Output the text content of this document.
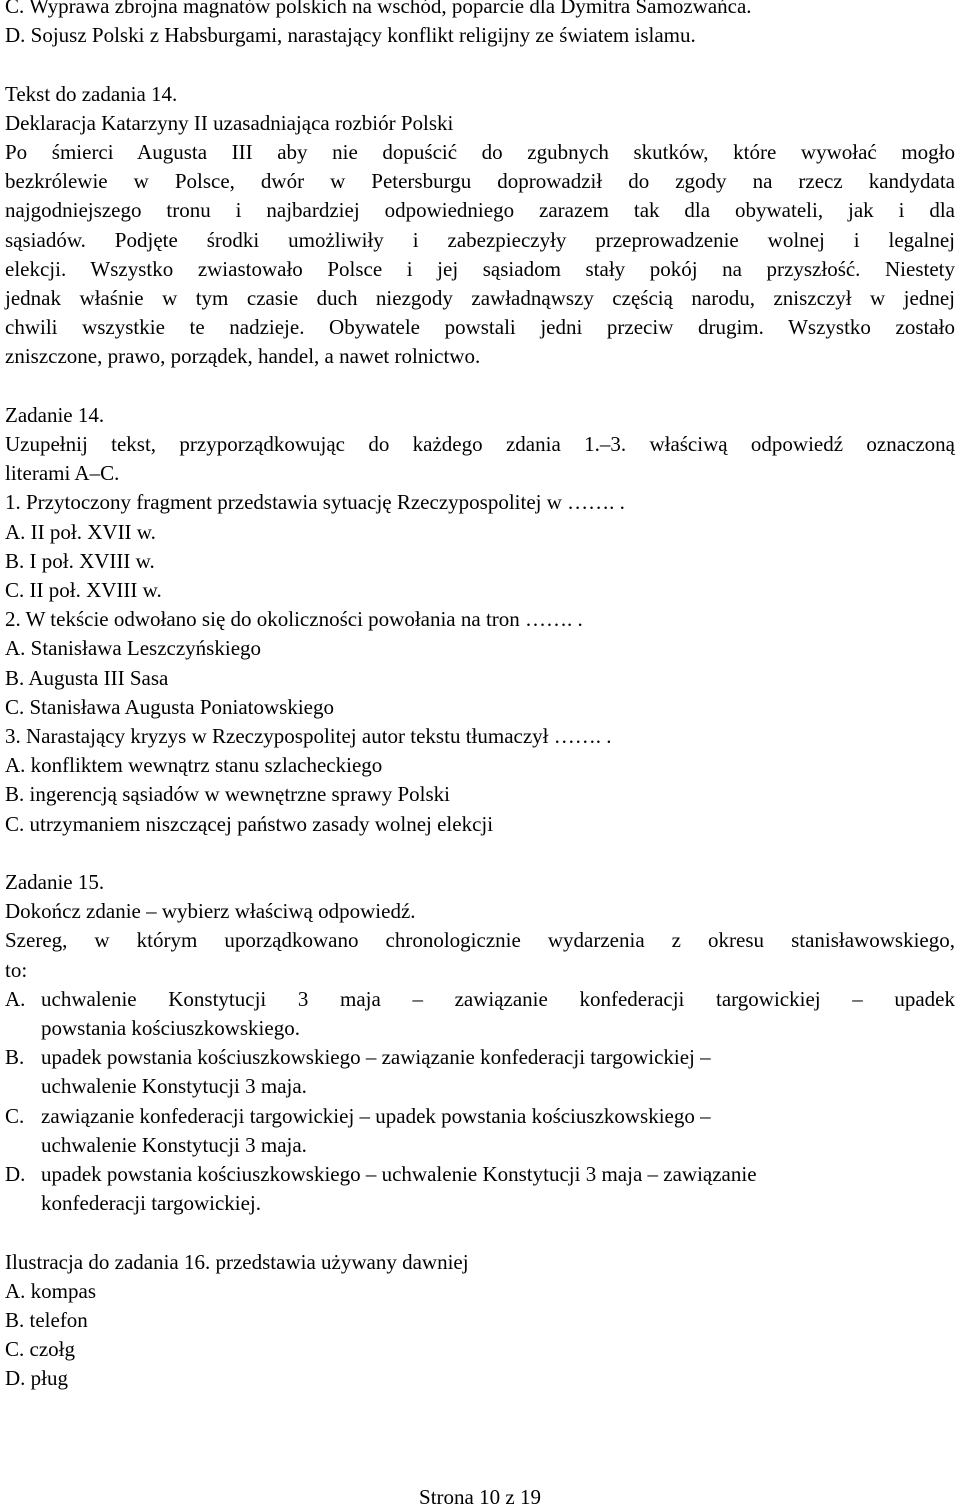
C. Wyprawa zbrojna magnatów polskich na wschód, poparcie dla Dymitra Samozwańca.
D. Sojusz Polski z Habsburgami, narastający konflikt religijny ze światem islamu.
Tekst do zadania 14.
Deklaracja Katarzyny II uzasadniająca rozbiór Polski
Po śmierci Augusta III aby nie dopuścić do zgubnych skutków, które wywołać mogło
bezkrólewie w Polsce, dwór w Petersburgu doprowadził do zgody na rzecz kandydata
najgodniejszego tronu i najbardziej odpowiedniego zarazem tak dla obywateli, jak i dla
sąsiadów. Podjęte środki umożliwiły i zabezpieczyły przeprowadzenie wolnej i legalnej
elekcji. Wszystko zwiastowało Polsce i jej sąsiadom stały pokój na przyszłość. Niestety
jednak właśnie w tym czasie duch niezgody zawładnąwszy częścią narodu, zniszczył w jednej
chwili wszystkie te nadzieje. Obywatele powstali jedni przeciw drugim. Wszystko zostało
zniszczone, prawo, porządek, handel, a nawet rolnictwo.
Zadanie 14.
Uzupełnij tekst, przyporządkowując do każdego zdania 1.–3. właściwą odpowiedź oznaczoną
literami A–C.
1. Przytoczony fragment przedstawia sytuację Rzeczypospolitej w ……. .
A. II poł. XVII w.
B. I poł. XVIII w.
C. II poł. XVIII w.
2. W tekście odwołano się do okoliczności powołania na tron ……. .
A. Stanisława Leszczyńskiego
B. Augusta III Sasa
C. Stanisława Augusta Poniatowskiego
3. Narastający kryzys w Rzeczypospolitej autor tekstu tłumaczył ……. .
A. konfliktem wewnątrz stanu szlacheckiego
B. ingerencją sąsiadów w wewnętrzne sprawy Polski
C. utrzymaniem niszczącej państwo zasady wolnej elekcji
Zadanie 15.
Dokończ zdanie – wybierz właściwą odpowiedź.
Szereg, w którym uporządkowano chronologicznie wydarzenia z okresu stanisławowskiego,
to:
A. uchwalenie Konstytucji 3 maja – zawiązanie konfederacji targowickiej – upadek
powstania kościuszkowskiego.
B. upadek powstania kościuszkowskiego – zawiązanie konfederacji targowickiej –
uchwalenie Konstytucji 3 maja.
C. zawiązanie konfederacji targowickiej – upadek powstania kościuszkowskiego –
uchwalenie Konstytucji 3 maja.
D. upadek powstania kościuszkowskiego – uchwalenie Konstytucji 3 maja – zawiązanie
konfederacji targowickiej.
Ilustracja do zadania 16. przedstawia używany dawniej
A. kompas
B. telefon
C. czołg
D. pług
Strona 10 z 19
